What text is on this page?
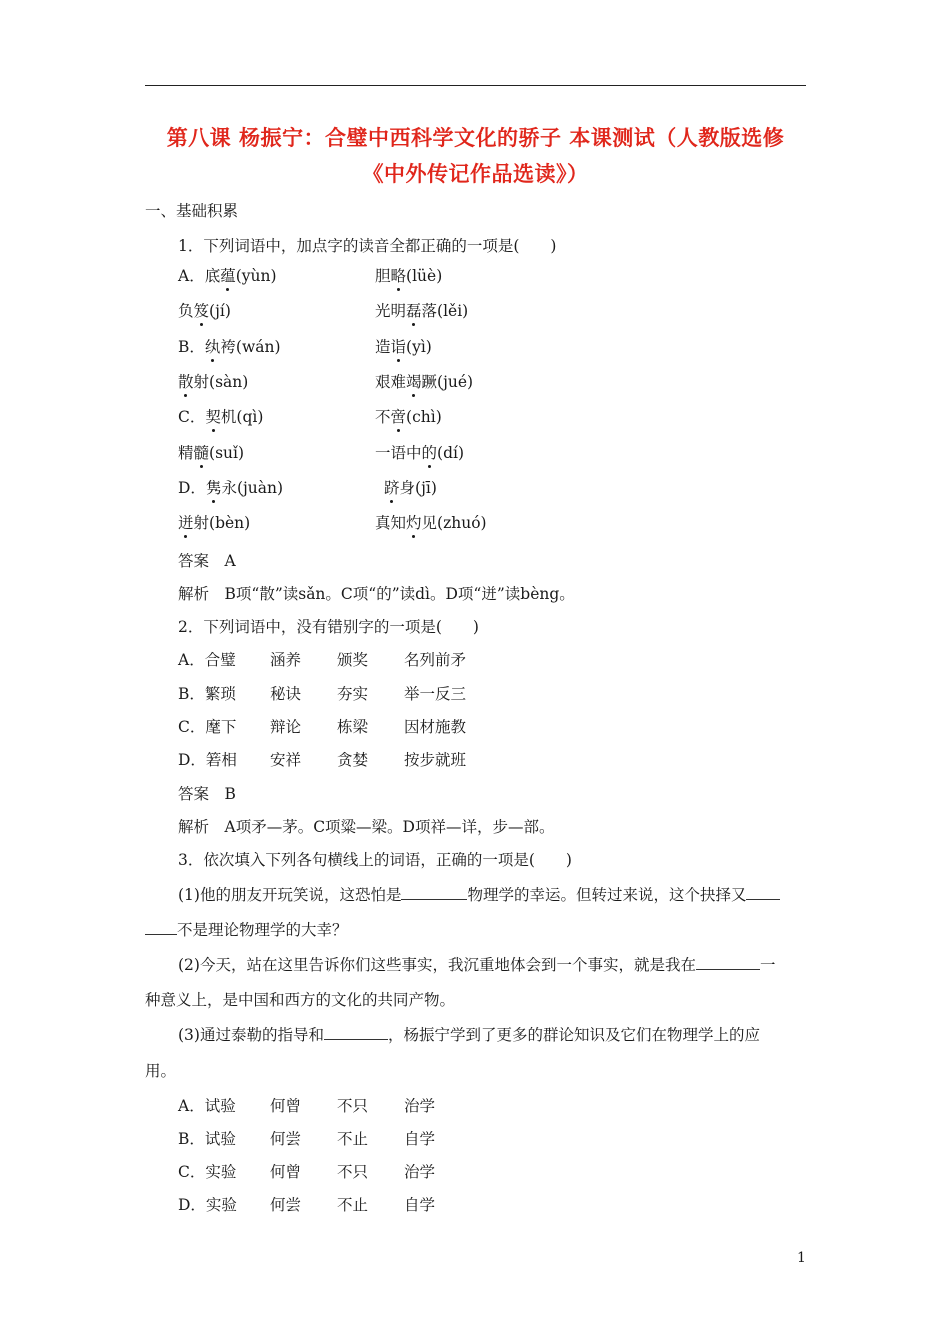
第八课 杨振宁：合璧中西科学文化的骄子 本课测试（人教版选修
《中外传记作品选读》）
一、基础积累
1．下列词语中，加点字的读音全都正确的一项是(　　)
A．底蕴(yùn)	胆略(lüè)
负笈(jí)	光明磊落(lěi)
B．纨袴(wán)	造诣(yì)
散射(sàn)	艰难竭蹶(jué)
C．契机(qì)	不啻(chì)
精髓(suǐ)	一语中的(dí)
D．隽永(juàn)	跻身(jī)
迸射(bèn)	真知灼见(zhuó)
答案　A
解析　B项“散”读sǎn。C项“的”读dì。D项“迸”读bèng。
2．下列词语中，没有错别字的一项是(　　)
A．合璧 涵养 颁奖 名列前矛
B．繁琐 秘诀 夯实 举一反三
C．麾下 辩论 栋梁 因材施教
D．箬相 安祥 贪婪 按步就班
答案　B
解析　A项矛—茅。C项粱—梁。D项祥—详，步—部。
3．依次填入下列各句横线上的词语，正确的一项是(　　)
(1)他的朋友开玩笑说，这恐怕是	物理学的幸运。但转过来说，这个抉择又
不是理论物理学的大幸？
(2)今天，站在这里告诉你们这些事实，我沉重地体会到一个事实，就是我在	一
种意义上，是中国和西方的文化的共同产物。
(3)通过泰勒的指导和	，杨振宁学到了更多的群论知识及它们在物理学上的应
用。
A．试验 何曾 不只 治学
B．试验 何尝 不止 自学
C．实验 何曾 不只 治学
D．实验 何尝 不止 自学
1
